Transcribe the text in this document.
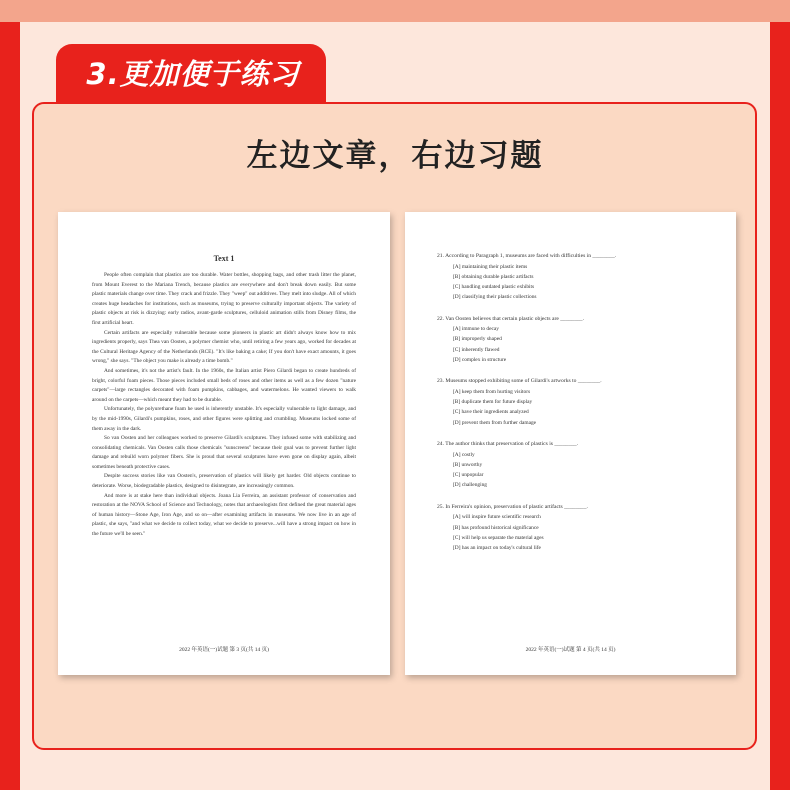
3.更加便于练习
左边文章，右边习题
Text 1

People often complain that plastics are too durable. Water bottles, shopping bags, and other trash litter the planet, from Mount Everest to the Mariana Trench, because plastics are everywhere and don't break down easily. But some plastic materials change over time. They crack and frizzle. They "weep" out additives. They melt into sludge. All of which creates huge headaches for institutions, such as museums, trying to preserve culturally important objects. The variety of plastic objects at risk is dizzying: early radios, avant-garde sculptures, celluloid animation stills from Disney films, the first artificial heart.

Certain artifacts are especially vulnerable because some pioneers in plastic art didn't always know how to mix ingredients properly, says Thea van Oosten, a polymer chemist who, until retiring a few years ago, worked for decades at the Cultural Heritage Agency of the Netherlands (RCE). "It's like baking a cake; If you don't have exact amounts, it goes wrong," she says. "The object you make is already a time bomb."

And sometimes, it's not the artist's fault. In the 1960s, the Italian artist Piero Gilardi began to create hundreds of bright, colorful foam pieces. Those pieces included small beds of roses and other items as well as a few dozen "nature carpets"—large rectangles decorated with foam pumpkins, cabbages, and watermelons. He wanted viewers to walk around on the carpets—which meant they had to be durable.

Unfortunately, the polyurethane foam he used is inherently unstable. It's especially vulnerable to light damage, and by the mid-1990s, Gilardi's pumpkins, roses, and other figures were splitting and crumbling. Museums locked some of them away in the dark.

So van Oosten and her colleagues worked to preserve Gilardi's sculptures. They infused some with stabilizing and consolidating chemicals. Van Oosten calls those chemicals "sunscreens" because their goal was to prevent further light damage and rebuild worn polymer fibers. She is proud that several sculptures have even gone on display again, albeit sometimes beneath protective cases.

Despite success stories like van Oosten's, preservation of plastics will likely get harder. Old objects continue to deteriorate. Worse, biodegradable plastics, designed to disintegrate, are increasingly common.

And more is at stake here than individual objects. Joana Lia Ferreira, an assistant professor of conservation and restoration at the NOVA School of Science and Technology, notes that archaeologists first defined the great material ages of human history—Stone Age, Iron Age, and so on—after examining artifacts in museums. We now live in an age of plastic, she says, "and what we decide to collect today, what we decide to preserve...will have a strong impact on how in the future we'll be seen."

2022 年英语(一)试题 第 3 页(共 14 页)
21. According to Paragraph 1, museums are faced with difficulties in ________.
[A] maintaining their plastic items
[B] obtaining durable plastic artifacts
[C] handling outdated plastic exhibits
[D] classifying their plastic collections
22. Van Oosten believes that certain plastic objects are ________.
[A] immune to decay
[B] improperly shaped
[C] inherently flawed
[D] complex in structure
23. Museums stopped exhibiting some of Gilardi's artworks to ________.
[A] keep them from hurting visitors
[B] duplicate them for future display
[C] have their ingredients analyzed
[D] prevent them from further damage
24. The author thinks that preservation of plastics is ________.
[A] costly
[B] unworthy
[C] unpopular
[D] challenging
25. In Ferreira's opinion, preservation of plastic artifacts ________.
[A] will inspire future scientific research
[B] has profound historical significance
[C] will help us separate the material ages
[D] has an impact on today's cultural life
2022 年英语(一)试题 第 4 页(共 14 页)
